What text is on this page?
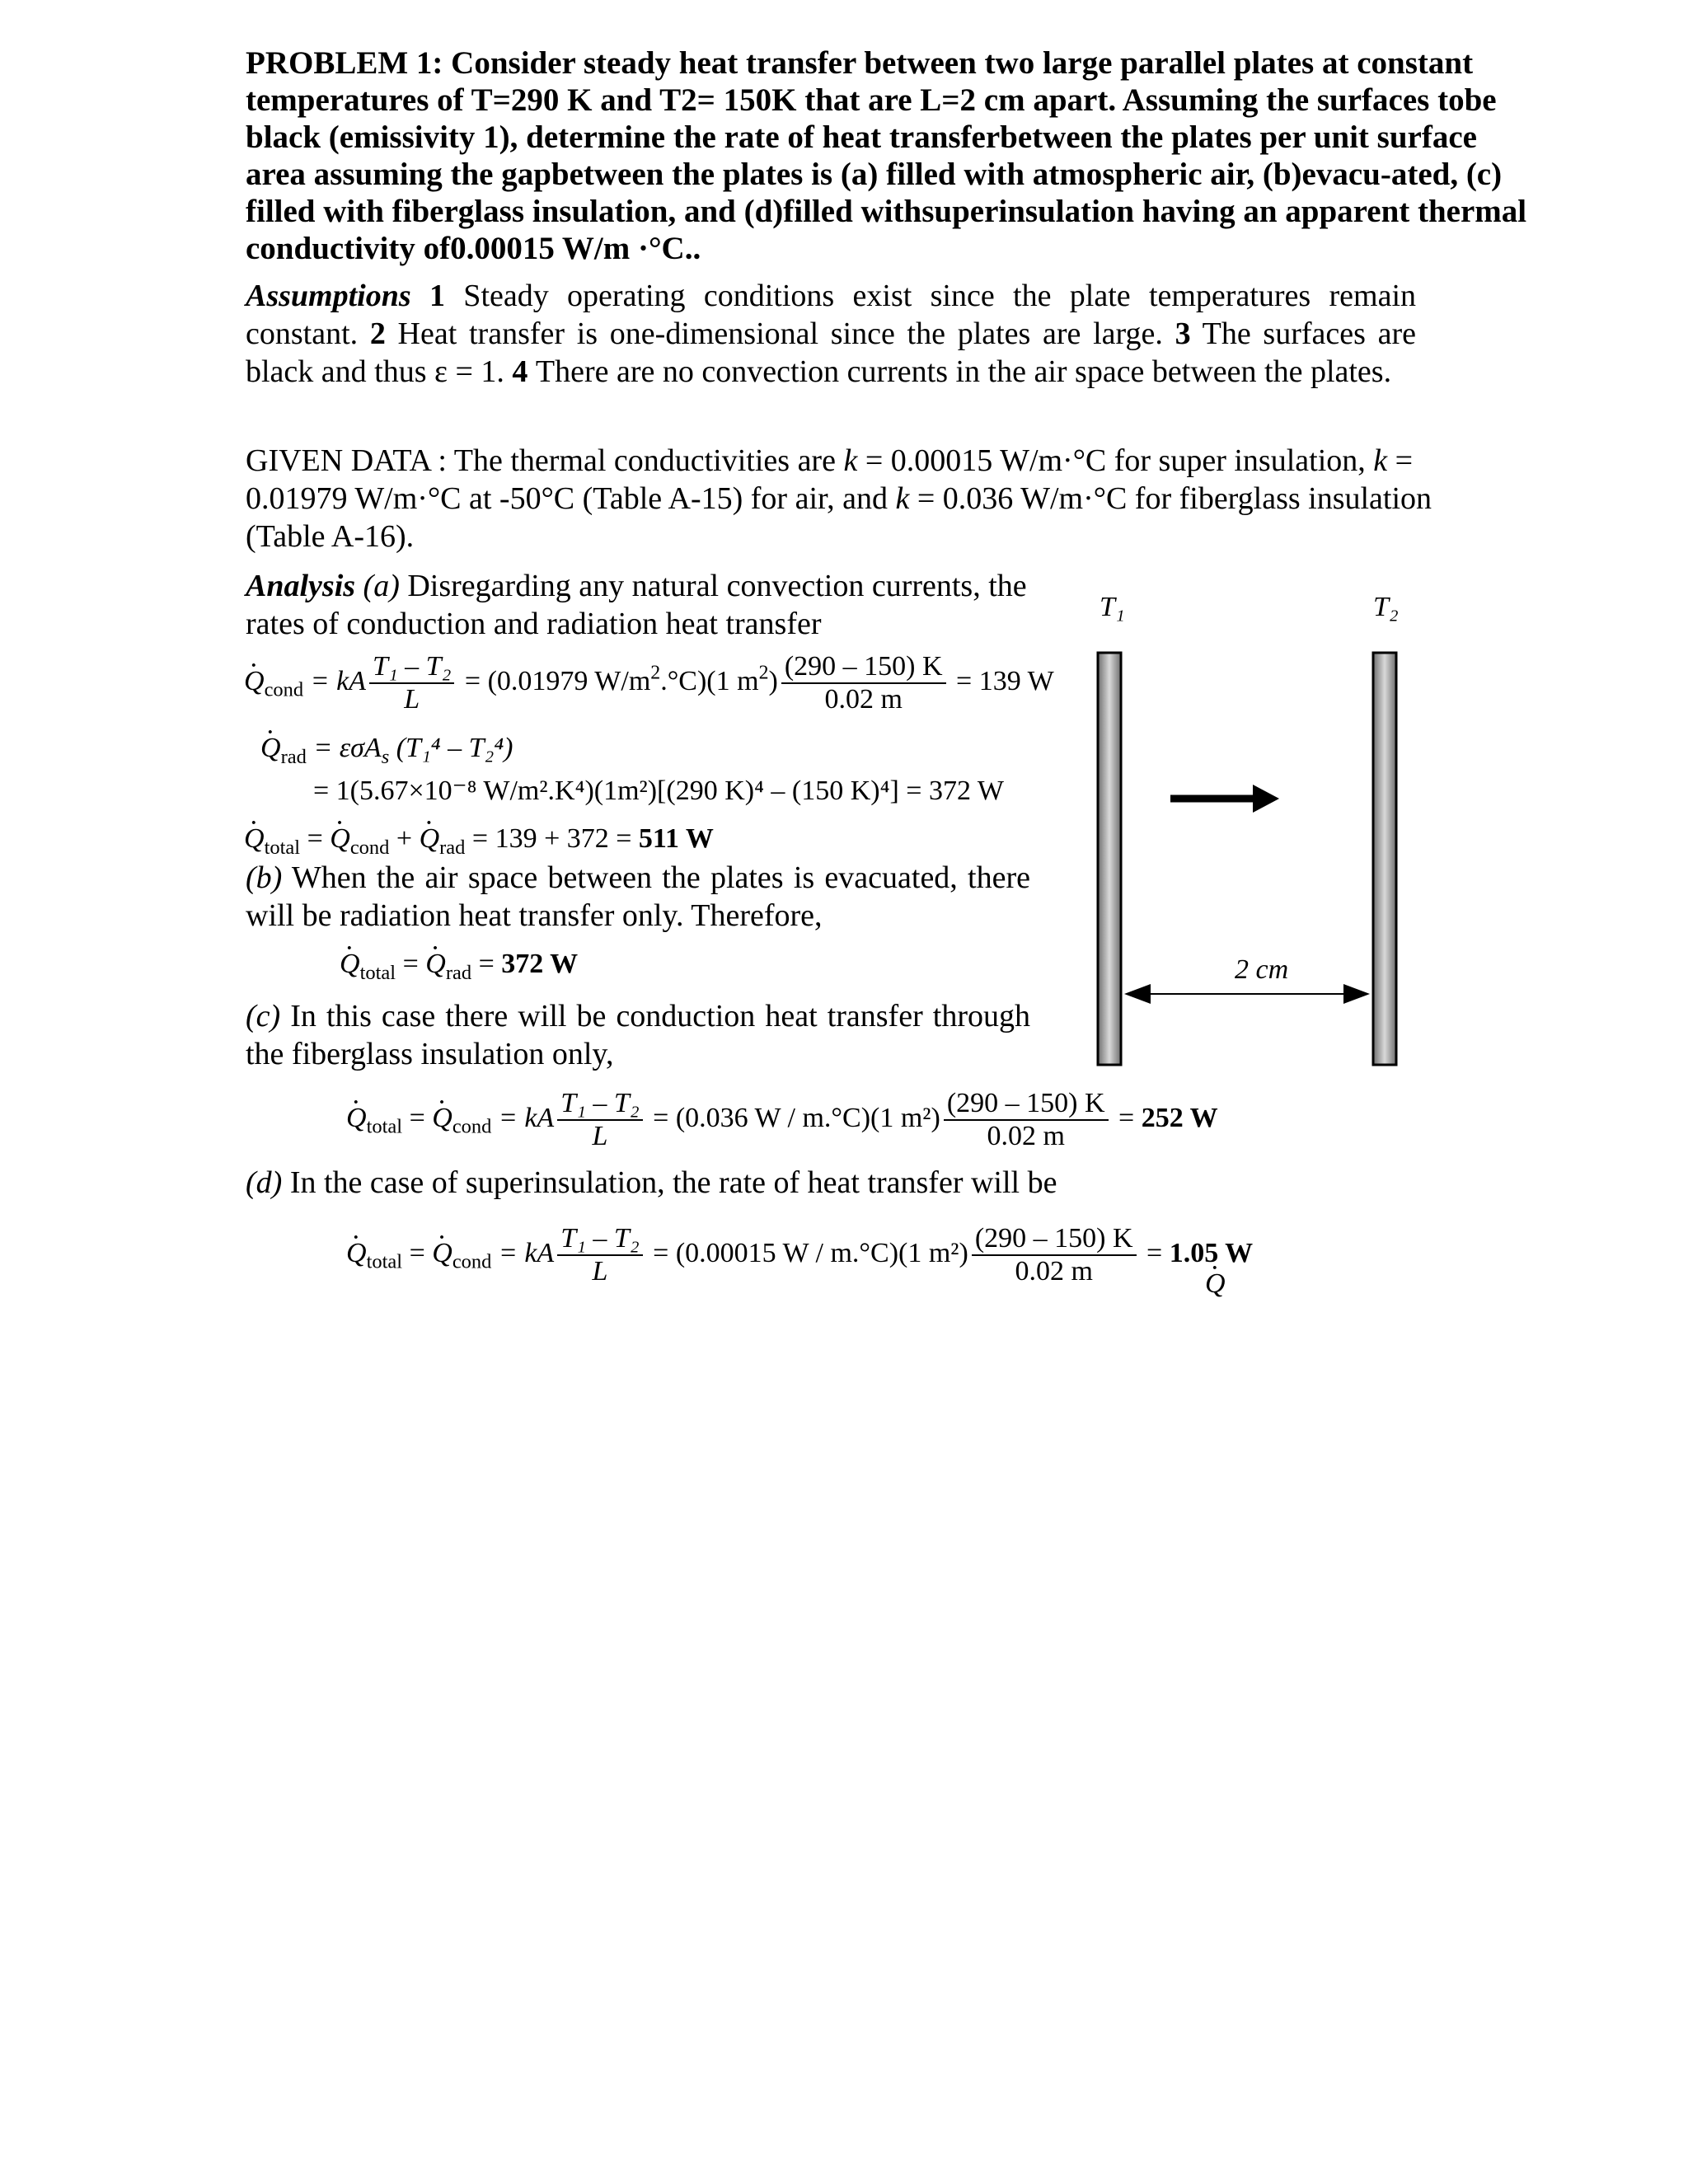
PROBLEM 1: Consider steady heat transfer between two large parallel plates at constant temperatures of T=290 K and T2= 150K that are L=2 cm apart. Assuming the surfaces tobe black (emissivity 1), determine the rate of heat transferbetween the plates per unit surface area assuming the gapbetween the plates is (a) filled with atmospheric air, (b)evacu-ated, (c) filled with fiberglass insulation, and (d)filled withsuperinsulation having an apparent thermal conductivity of0.00015 W/m ·°C..
Assumptions 1 Steady operating conditions exist since the plate temperatures remain constant. 2 Heat transfer is one-dimensional since the plates are large. 3 The surfaces are black and thus ε = 1. 4 There are no convection currents in the air space between the plates.
GIVEN DATA : The thermal conductivities are k = 0.00015 W/m·°C for super insulation, k = 0.01979 W/m·°C at -50°C (Table A-15) for air, and k = 0.036 W/m·°C for fiberglass insulation (Table A-16).
Analysis (a) Disregarding any natural convection currents, the rates of conduction and radiation heat transfer
· $Q_{cond}$ = kA $\frac{\text{T₁ – T₂}}{L} = (0.01979$ $W/m^2.^\circ C)(1$ $m^2) \frac{(290 - 150) K}{0.02 m} = 139$ W
· $Q_{rad} = \varepsilon\sigma A_s$ (T₁⁴ – T₂⁴)
= 1(5.67×10⁻⁸ W/m².K⁴)(1m²)[(290 K)⁴ – (150 K)⁴] = 372 W
· $Q_{total}$ = · $Q_{cond}$ + · $Q_{rad} = 139 + 372 = 511$ W
(b) When the air space between the plates is evacuated, there will be radiation heat transfer only. Therefore,
· $Q_{total}$ = · $Q_{rad} = 372$ W
(c) In this case there will be conduction heat transfer through the fiberglass insulation only,
· $Q_{total}$ = · $Q_{cond}$ = kA $\frac{\text{T₁ – T₂}}{L} = (0.036$ W / m.°C)(1 $m^2) \frac{(290 - 150) K}{0.02 m} = 252$ W
(d) In the case of superinsulation, the rate of heat transfer will be
· $Q_{total}$ = · $Q_{cond}$ = kA $\frac{\text{T₁ – T₂}}{L} = (0.00015$ W / m.°C)(1 $m^2) \frac{(290 - 150) K}{0.02 m} = 1.05$ W

T₁	T₂
· Q
2 cm
